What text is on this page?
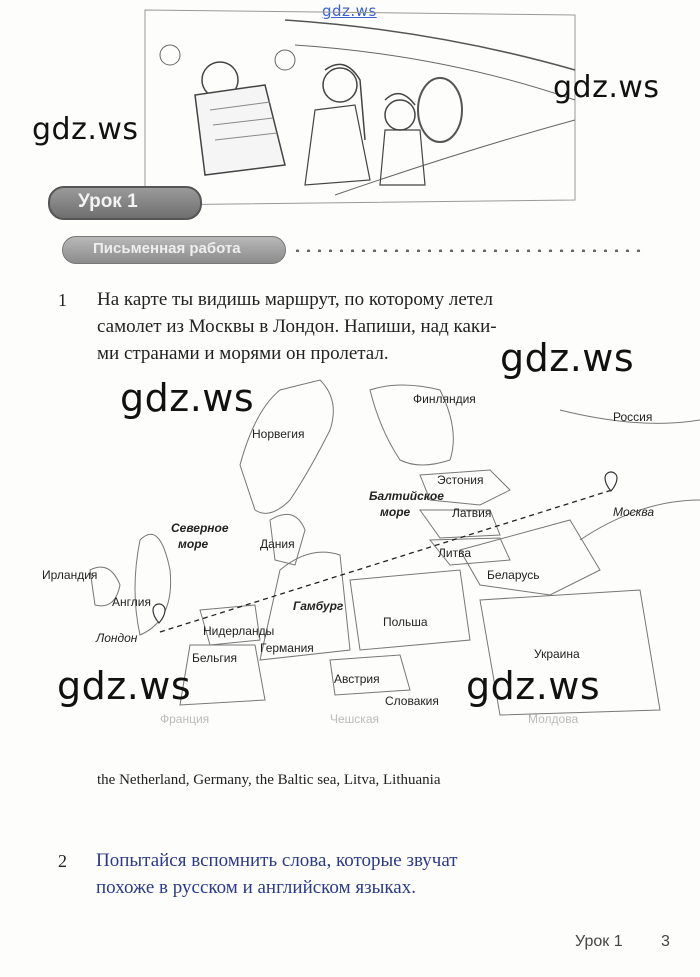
gdz.ws
Урок 1
Письменная работа
1 На карте ты видишь маршрут, по которому летел
самолет из Москвы в Лондон. Напиши, над каки-
ми странами и морями он пролетал.
Финляндия
Россия
Норвегия
Эстония
Балтийское
море	Латвия	Москва
Северное
море	Дания
Литва
Беларусь
Ирландия
Англия	Гамбург
Польша
Лондон	Нидерланды
Германия
Бельгия	Украина
Австрия
Словакия
Франция	Чешская	Молдова
gdz.ws
gdz.ws
gdz.ws
gdz.ws
gdz.ws	gdz.ws
the Netherland, Germany, the Baltic sea, Litva, Lithuania
2 Попытайся вспомнить слова, которые звучат
похоже в русском и английском языках.
Урок 1 3
